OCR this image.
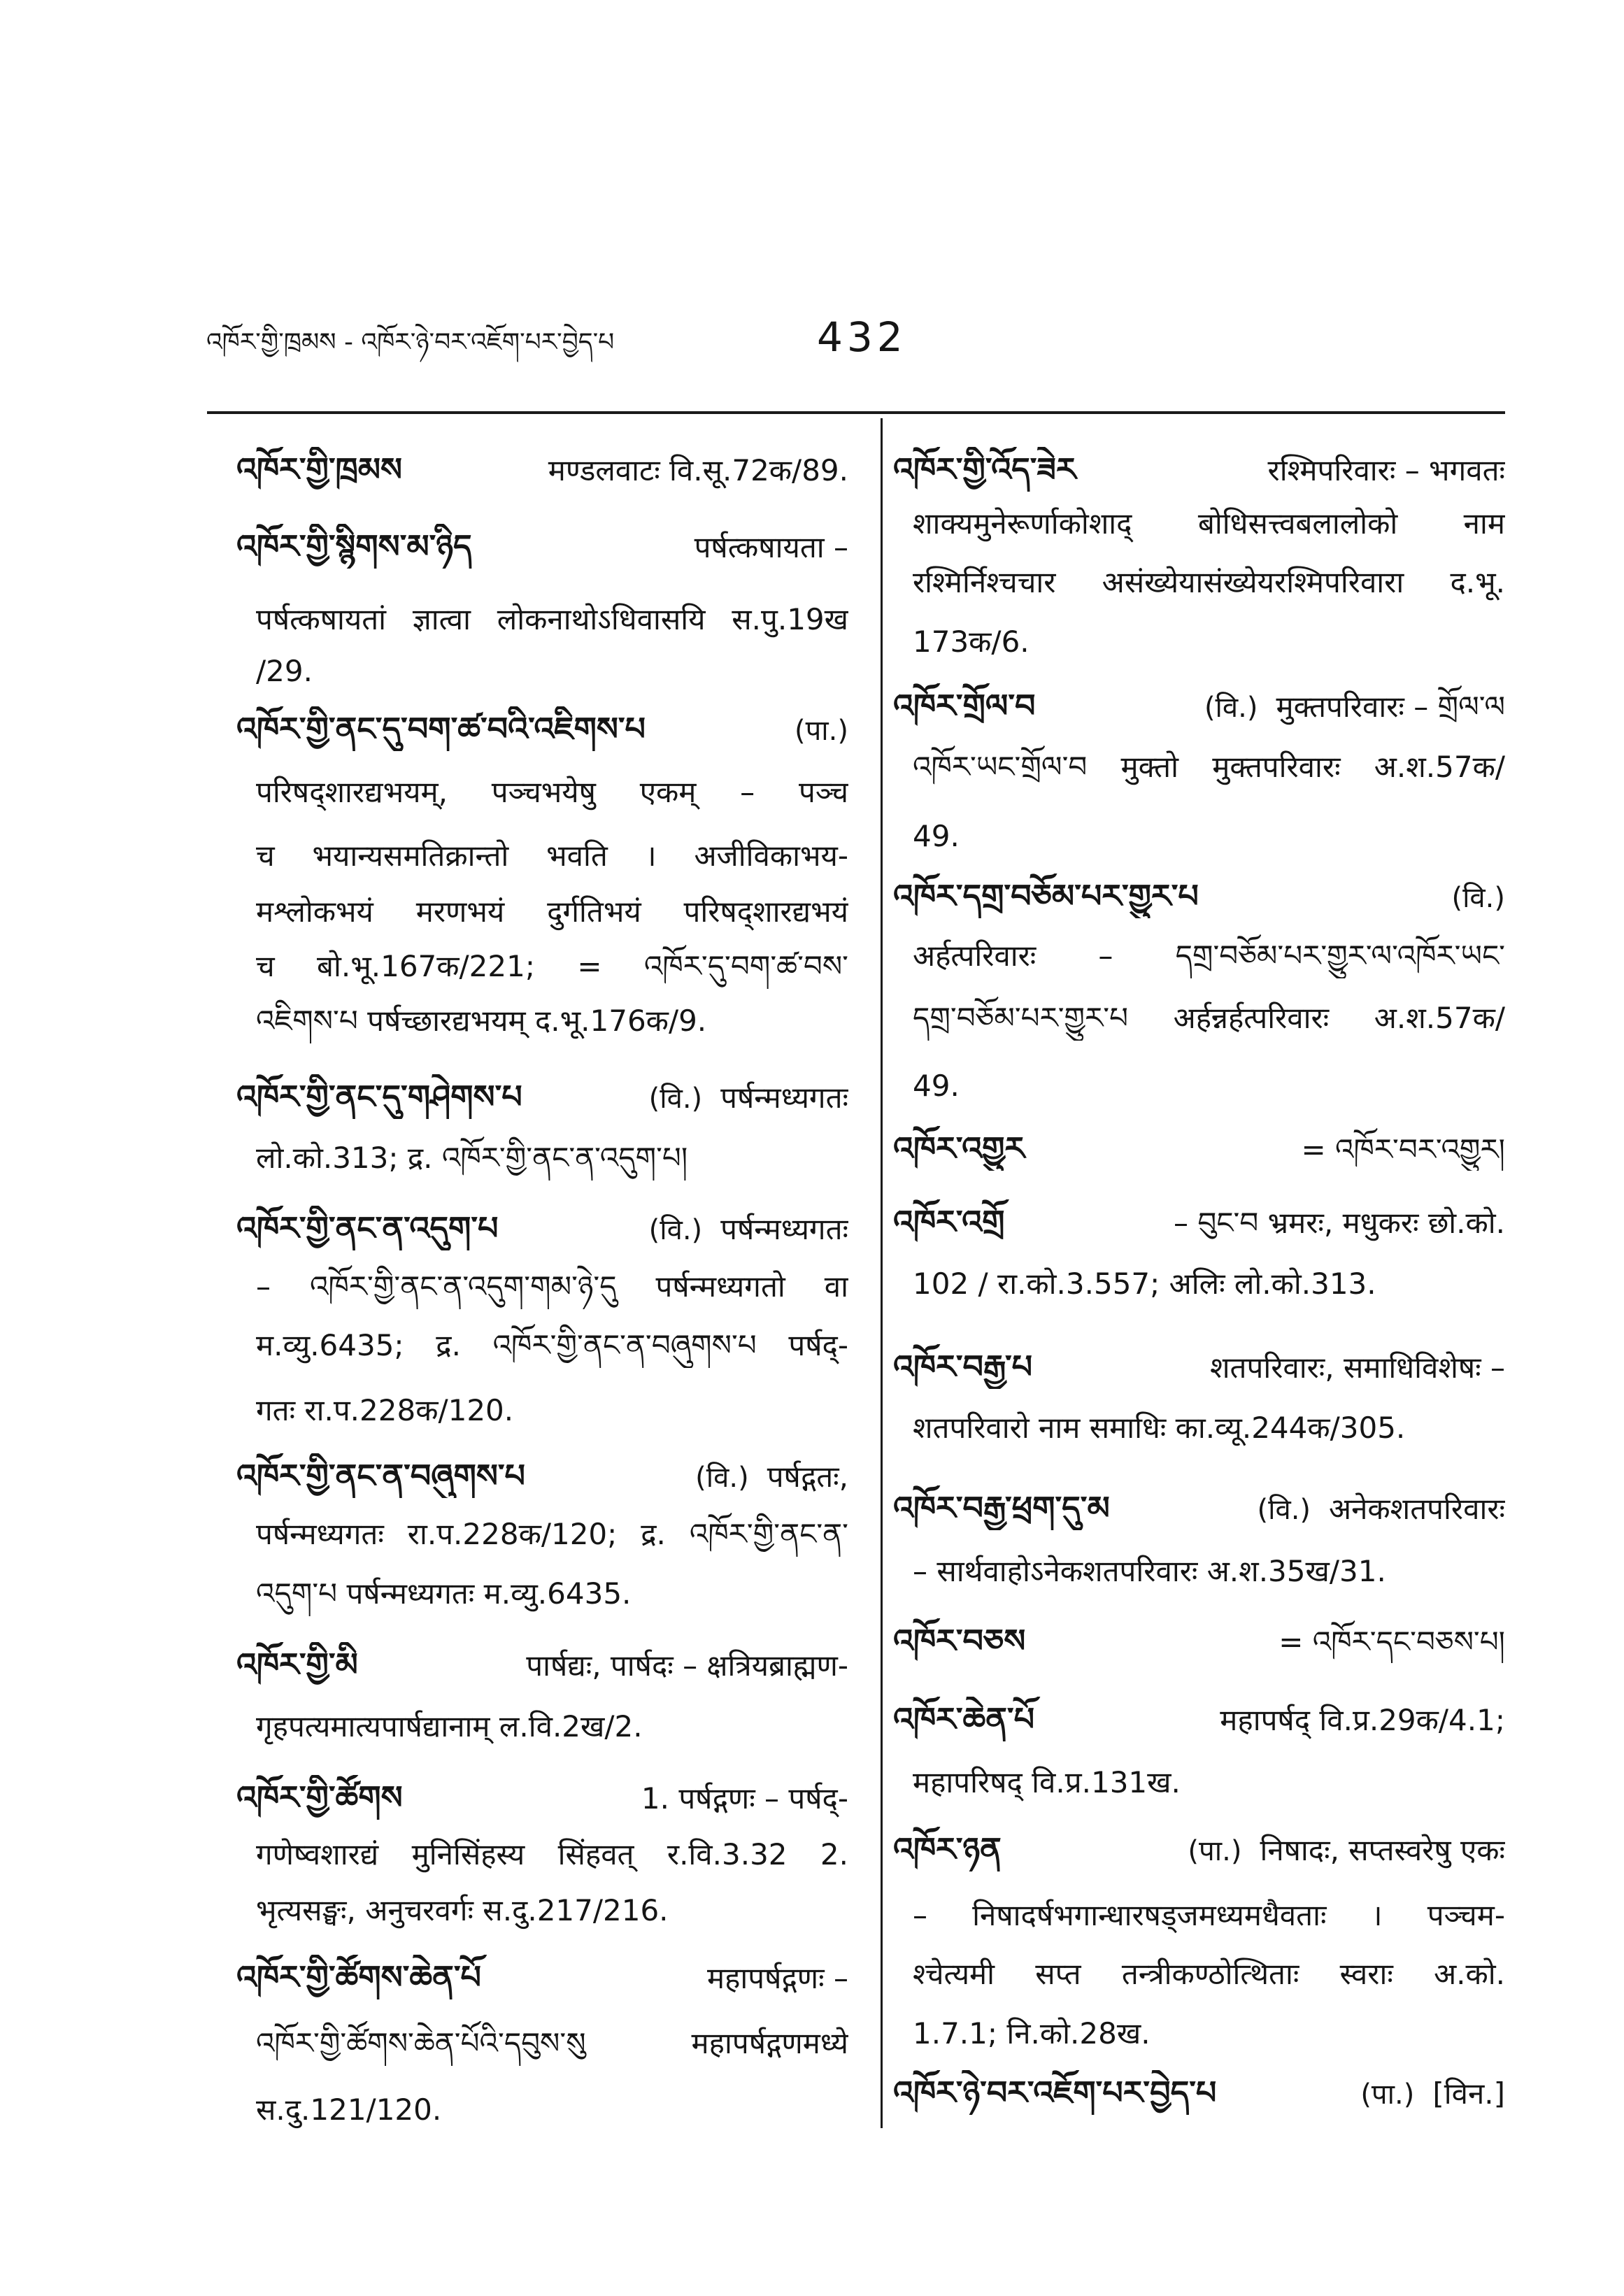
འཁོར་གྱི་ཁྲམས - འཁོར་ཉེ་བར་འཇོག་པར་བྱེད་པ	432
འཁོར་གྱི་ཁྲམས	मण्डलवाटः वि.सू.72क/89.
འཁོར་གྱི་སྙིགས་མ་ཉིད	पर्षत्कषायता –
पर्षत्कषायतां ज्ञात्वा लोकनाथोऽधिवासयि स.पु.19ख
/29.
འཁོར་གྱི་ནང་དུ་བག་ཚ་བའི་འཇིགས་པ	(पा.)
परिषद्शारद्यभयम्, पञ्चभयेषु एकम् – पञ्च
च भयान्यसमतिक्रान्तो भवति । अजीविकाभय-
मश्लोकभयं मरणभयं दुर्गतिभयं परिषद्शारद्यभयं
च बो.भू.167क/221; = འཁོར་དུ་བག་ཚ་བས་
འཇིགས་པ पर्षच्छारद्यभयम् द.भू.176क/9.
འཁོར་གྱི་ནང་དུ་གཤེགས་པ	(वि.) पर्षन्मध्यगतः
लो.को.313; द्र. འཁོར་གྱི་ནང་ན་འདུག་པ།
འཁོར་གྱི་ནང་ན་འདུག་པ	(वि.) पर्षन्मध्यगतः
– འཁོར་གྱི་ནང་ན་འདུག་གམ་ཉེ་དུ पर्षन्मध्यगतो वा
म.व्यु.6435; द्र. འཁོར་གྱི་ནང་ན་བཞུགས་པ पर्षद्-
गतः रा.प.228क/120.
འཁོར་གྱི་ནང་ན་བཞུགས་པ	(वि.) पर्षद्गतः,
पर्षन्मध्यगतः रा.प.228क/120; द्र. འཁོར་གྱི་ནང་ན་
འདུག་པ पर्षन्मध्यगतः म.व्यु.6435.
འཁོར་གྱི་མི	पार्षद्यः, पार्षदः – क्षत्रियब्राह्मण-
गृहपत्यमात्यपार्षद्यानाम् ल.वि.2ख/2.
འཁོར་གྱི་ཚོགས	1. पर्षद्गणः – पर्षद्-
गणेष्वशारद्यं मुनिसिंहस्य सिंहवत् र.वि.3.32 2.
भृत्यसङ्घः, अनुचरवर्गः स.दु.217/216.
འཁོར་གྱི་ཚོགས་ཆེན་པོ	महापर्षद्गणः –
འཁོར་གྱི་ཚོགས་ཆེན་པོའི་དབུས་སུ महापर्षद्गणमध्ये
स.दु.121/120.
འཁོར་གྱི་འོད་ཟེར	रश्मिपरिवारः – भगवतः
शाक्यमुनेरूर्णाकोशाद् बोधिसत्त्वबलालोको नाम
रश्मिर्निश्चचार असंख्येयासंख्येयरश्मिपरिवारा द.भू.
173क/6.
འཁོར་གྲོལ་བ	(वि.) मुक्तपरिवारः – གྲོལ་ལ
འཁོར་ཡང་གྲོལ་བ मुक्तो मुक्तपरिवारः अ.श.57क/
49.
འཁོར་དགྲ་བཅོམ་པར་གྱུར་པ	(वि.)
अर्हत्परिवारः – དགྲ་བཅོམ་པར་གྱུར་ལ་འཁོར་ཡང་
དགྲ་བཅོམ་པར་གྱུར་པ अर्हन्नर्हत्परिवारः अ.श.57क/
49.
འཁོར་འགྱུར	= འཁོར་བར་འགྱུར།
འཁོར་འགྲོ	– བུང་བ भ्रमरः, मधुकरः छो.को.
102 / रा.को.3.557; अलिः लो.को.313.
འཁོར་བརྒྱ་པ	शतपरिवारः, समाधिविशेषः –
शतपरिवारो नाम समाधिः का.व्यू.244क/305.
འཁོར་བརྒྱ་ཕྲག་དུ་མ	(वि.) अनेकशतपरिवारः
– सार्थवाहोऽनेकशतपरिवारः अ.श.35ख/31.
འཁོར་བཅས	= འཁོར་དང་བཅས་པ།
འཁོར་ཆེན་པོ	महापर्षद् वि.प्र.29क/4.1;
महापरिषद् वि.प्र.131ख.
འཁོར་ཉན	(पा.) निषादः, सप्तस्वरेषु एकः
– निषादर्षभगान्धारषड्जमध्यमधैवताः । पञ्चम-
श्चेत्यमी सप्त तन्त्रीकण्ठोत्थिताः स्वराः अ.को.
1.7.1; नि.को.28ख.
འཁོར་ཉེ་བར་འཇོག་པར་བྱེད་པ	(पा.) [विन.]
